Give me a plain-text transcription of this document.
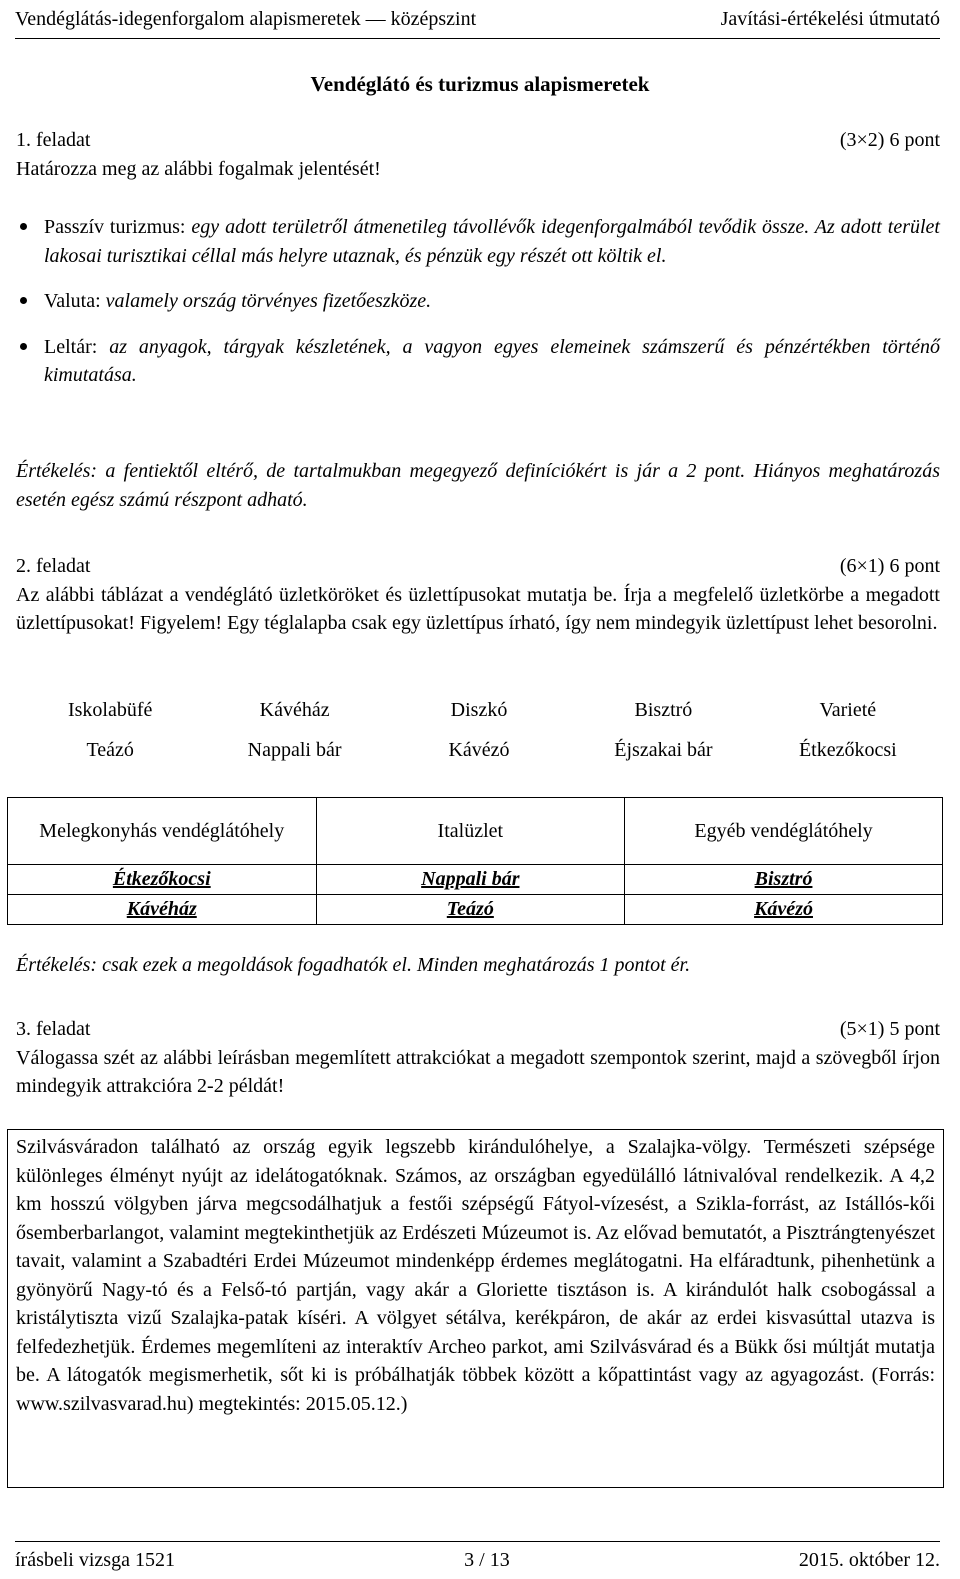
Vendéglátás-idegenforgalom alapismeretek — középszint	Javítási-értékelési útmutató
Vendéglátó és turizmus alapismeretek
1. feladat	(3×2) 6 pont
Határozza meg az alábbi fogalmak jelentését!
Passzív turizmus: egy adott területről átmenetileg távollévők idegenforgalmából tevődik össze. Az adott terület lakosai turisztikai céllal más helyre utaznak, és pénzük egy részét ott költik el.
Valuta: valamely ország törvényes fizetőeszköze.
Leltár: az anyagok, tárgyak készletének, a vagyon egyes elemeinek számszerű és pénzértékben történő kimutatása.
Értékelés: a fentiektől eltérő, de tartalmukban megegyező definíciókért is jár a 2 pont. Hiányos meghatározás esetén egész számú részpont adható.
2. feladat	(6×1) 6 pont
Az alábbi táblázat a vendéglátó üzletköröket és üzlettípusokat mutatja be. Írja a megfelelő üzletkörbe a megadott üzlettípusokat! Figyelem! Egy téglalapba csak egy üzlettípus írható, így nem mindegyik üzlettípust lehet besorolni.
Iskolabüfé	Kávéház	Diszkó	Bisztró	Varieté
Teázó	Nappali bár	Kávézó	Éjszakai bár	Étkezőkocsi
Melegkonyhás vendéglátóhely	Italüzlet	Egyéb vendéglátóhely
Étkezőkocsi	Nappali bár	Bisztró
Kávéház	Teázó	Kávézó
Értékelés: csak ezek a megoldások fogadhatók el. Minden meghatározás 1 pontot ér.
3. feladat	(5×1) 5 pont
Válogassa szét az alábbi leírásban megemlített attrakciókat a megadott szempontok szerint, majd a szövegből írjon mindegyik attrakcióra 2-2 példát!
Szilvásváradon található az ország egyik legszebb kirándulóhelye, a Szalajka-völgy. Természeti szépsége különleges élményt nyújt az idelátogatóknak. Számos, az országban egyedülálló látnivalóval rendelkezik. A 4,2 km hosszú völgyben járva megcsodálhatjuk a festői szépségű Fátyol-vízesést, a Szikla-forrást, az Istállós-kői ősemberbarlangot, valamint megtekinthetjük az Erdészeti Múzeumot is. Az elővad bemutatót, a Pisztrángtenyészet tavait, valamint a Szabadtéri Erdei Múzeumot mindenképp érdemes meglátogatni. Ha elfáradtunk, pihenhetünk a gyönyörű Nagy-tó és a Felső-tó partján, vagy akár a Gloriette tisztáson is. A kirándulót halk csobogással a kristálytiszta vizű Szalajka-patak kíséri. A völgyet sétálva, kerékpáron, de akár az erdei kisvasúttal utazva is felfedezhetjük. Érdemes megemlíteni az interaktív Archeo parkot, ami Szilvásvárad és a Bükk ősi múltját mutatja be. A látogatók megismerhetik, sőt ki is próbálhatják többek között a kőpattintást vagy az agyagozást. (Forrás: www.szilvasvarad.hu) megtekintés: 2015.05.12.)
írásbeli vizsga 1521	3 / 13	2015. október 12.
